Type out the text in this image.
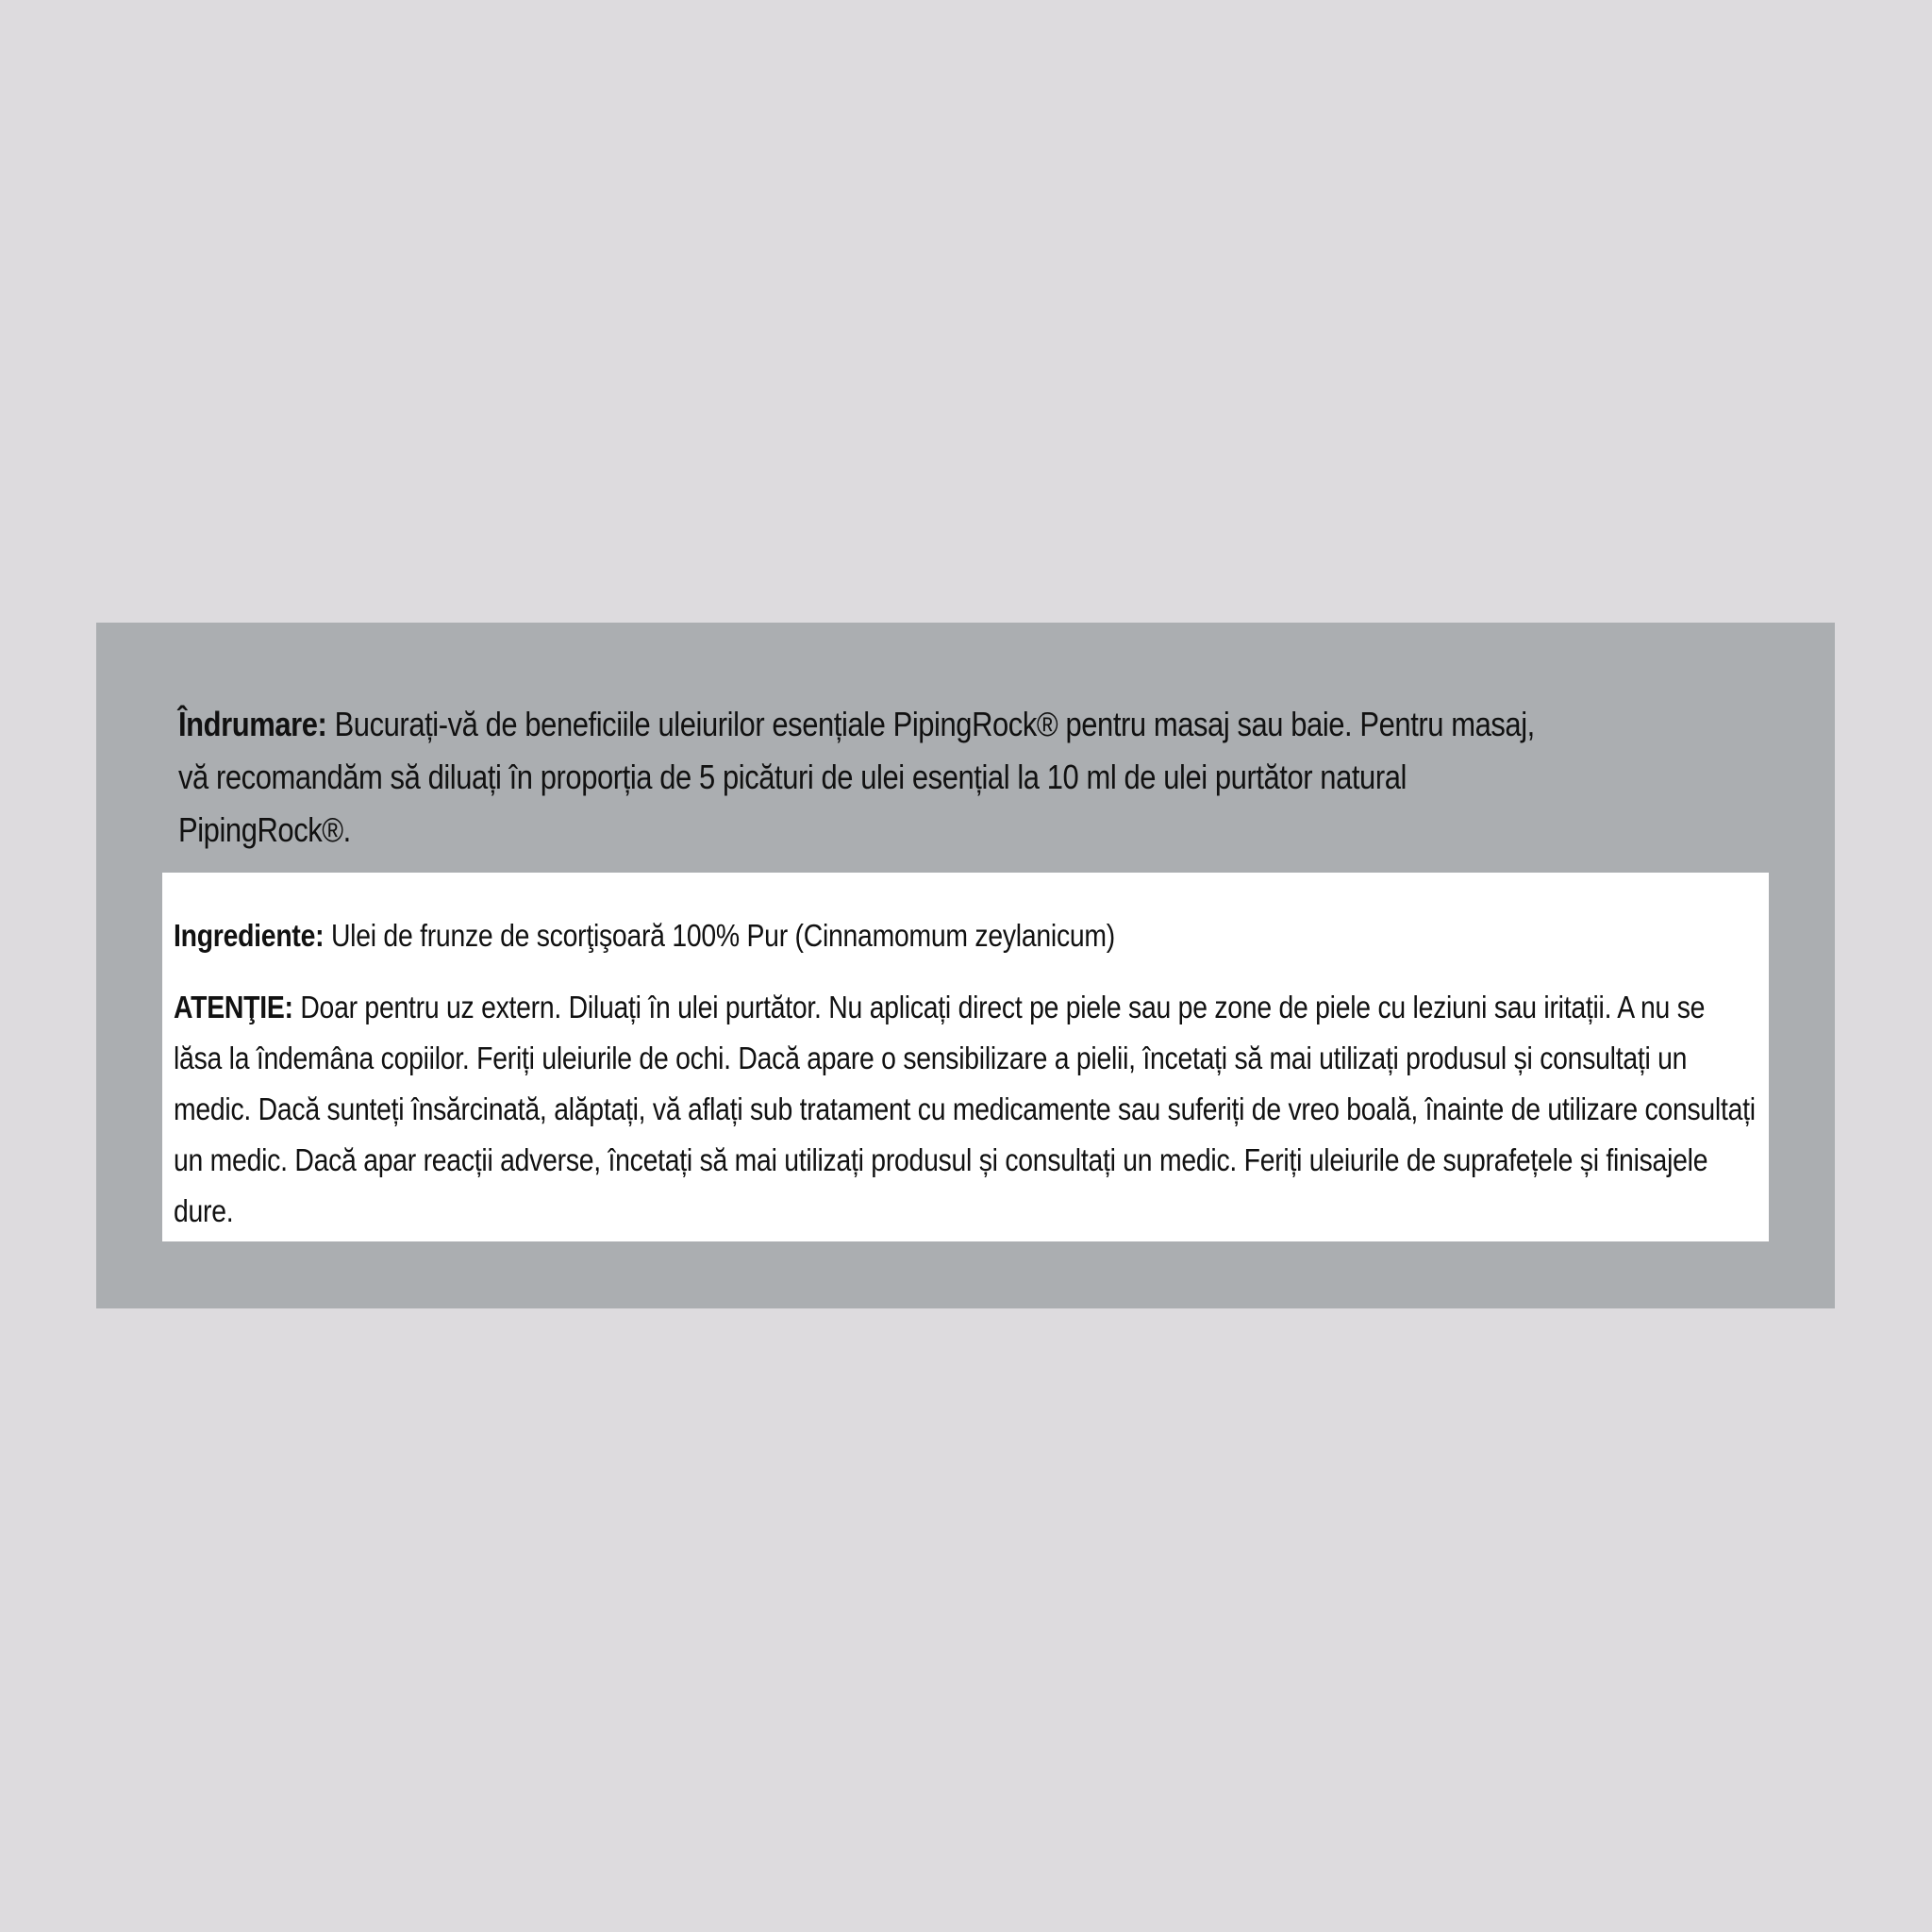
Îndrumare: Bucurați-vă de beneficiile uleiurilor esențiale PipingRock® pentru masaj sau baie. Pentru masaj, vă recomandăm să diluați în proporția de 5 picături de ulei esențial la 10 ml de ulei purtător natural PipingRock®.
Ingrediente: Ulei de frunze de scorţişoară 100% Pur (Cinnamomum zeylanicum)
ATENŢIE: Doar pentru uz extern. Diluați în ulei purtător. Nu aplicați direct pe piele sau pe zone de piele cu leziuni sau iritații. A nu se lăsa la îndemâna copiilor. Feriți uleiurile de ochi. Dacă apare o sensibilizare a pielii, încetați să mai utilizați produsul și consultați un medic. Dacă sunteți însărcinată, alăptați, vă aflați sub tratament cu medicamente sau suferiți de vreo boală, înainte de utilizare consultați un medic. Dacă apar reacții adverse, încetați să mai utilizați produsul și consultați un medic. Feriți uleiurile de suprafețele și finisajele dure.
